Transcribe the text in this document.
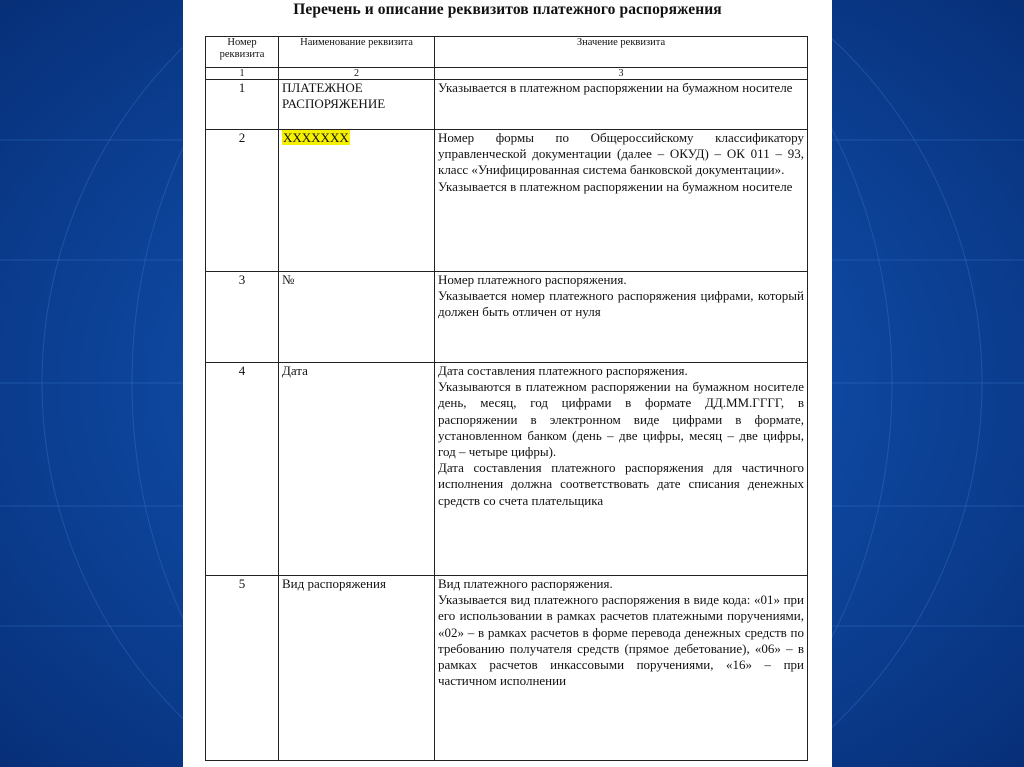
Перечень и описание реквизитов платежного распоряжения
Номер реквизита	Наименование реквизита	Значение реквизита
1	2	3
1	ПЛАТЕЖНОЕ РАСПОРЯЖЕНИЕ	Указывается в платежном распоряжении на бумажном носителе
2	XXXXXXX	Номер формы по Общероссийскому классификатору управленческой документации (далее – ОКУД) – ОК 011 – 93, класс «Унифицированная система банковской документации».
Указывается в платежном распоряжении на бумажном носителе

3	№	Номер платежного распоряжения.
Указывается номер платежного распоряжения цифрами, который должен быть отличен от нуля

4	Дата	Дата составления платежного распоряжения.
Указываются в платежном распоряжении на бумажном носителе день, месяц, год цифрами в формате ДД.ММ.ГГГГ, в распоряжении в электронном виде цифрами в формате, установленном банком (день – две цифры, месяц – две цифры, год – четыре цифры).
Дата составления платежного распоряжения для частичного исполнения должна соответствовать дате списания денежных средств со счета плательщика

5	Вид распоряжения	Вид платежного распоряжения.
Указывается вид платежного распоряжения в виде кода: «01» при его использовании в рамках расчетов платежными поручениями, «02» – в рамках расчетов в форме перевода денежных средств по требованию получателя средств (прямое дебетование), «06» – в рамках расчетов инкассовыми поручениями, «16» – при частичном исполнении
